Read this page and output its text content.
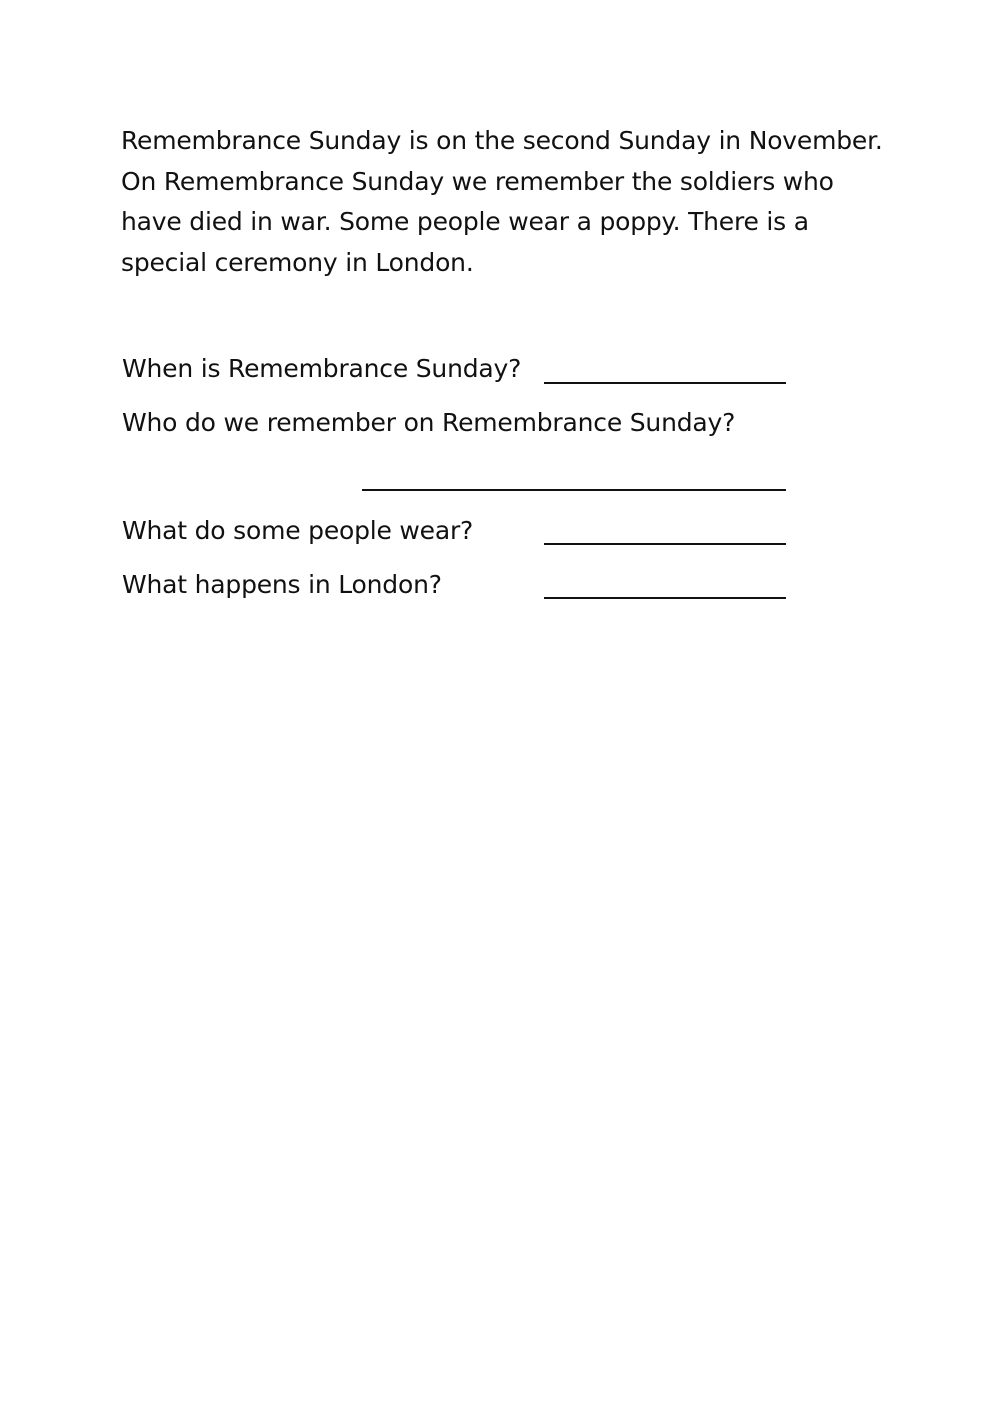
Remembrance Sunday is on the second Sunday in November.
On Remembrance Sunday we remember the soldiers who
have died in war. Some people wear a poppy. There is a
special ceremony in London.

When is Remembrance Sunday?

Who do we remember on Remembrance Sunday?

What do some people wear?

What happens in London?
